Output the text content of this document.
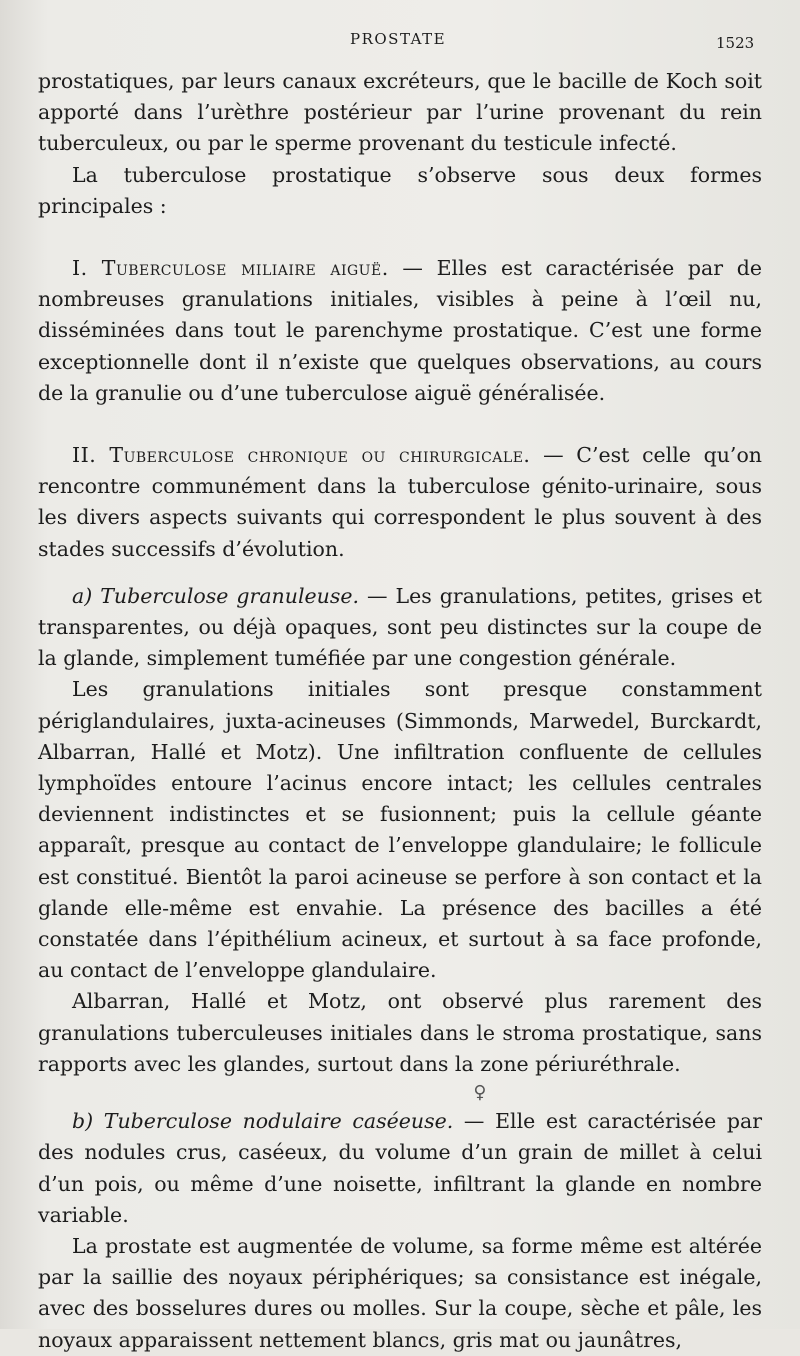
PROSTATE	1523

prostatiques, par leurs canaux excréteurs, que le bacille de Koch soit apporté dans l’urèthre postérieur par l’urine provenant du rein tuberculeux, ou par le sperme provenant du testicule infecté.

La tuberculose prostatique s’observe sous deux formes principales :

I. Tuberculose miliaire aiguë. — Elles est caractérisée par de nombreuses granulations initiales, visibles à peine à l’œil nu, disséminées dans tout le parenchyme prostatique. C’est une forme exceptionnelle dont il n’existe que quelques observations, au cours de la granulie ou d’une tuberculose aiguë généralisée.

II. Tuberculose chronique ou chirurgicale. — C’est celle qu’on rencontre communément dans la tuberculose génito-urinaire, sous les divers aspects suivants qui correspondent le plus souvent à des stades successifs d’évolution.

a) Tuberculose granuleuse. — Les granulations, petites, grises et transparentes, ou déjà opaques, sont peu distinctes sur la coupe de la glande, simplement tuméfiée par une congestion générale.

Les granulations initiales sont presque constamment périglandulaires, juxta-acineuses (Simmonds, Marwedel, Burckardt, Albarran, Hallé et Motz). Une infiltration confluente de cellules lymphoïdes entoure l’acinus encore intact; les cellules centrales deviennent indistinctes et se fusionnent; puis la cellule géante apparaît, presque au contact de l’enveloppe glandulaire; le follicule est constitué. Bientôt la paroi acineuse se perfore à son contact et la glande elle-même est envahie. La présence des bacilles a été constatée dans l’épithélium acineux, et surtout à sa face profonde, au contact de l’enveloppe glandulaire.

Albarran, Hallé et Motz, ont observé plus rarement des granulations tuberculeuses initiales dans le stroma prostatique, sans rapports avec les glandes, surtout dans la zone périuréthrale.

♀

b) Tuberculose nodulaire caséeuse. — Elle est caractérisée par des nodules crus, caséeux, du volume d’un grain de millet à celui d’un pois, ou même d’une noisette, infiltrant la glande en nombre variable.

La prostate est augmentée de volume, sa forme même est altérée par la saillie des noyaux périphériques; sa consistance est inégale, avec des bosselures dures ou molles. Sur la coupe, sèche et pâle, les noyaux apparaissent nettement blancs, gris mat ou jaunâtres,
